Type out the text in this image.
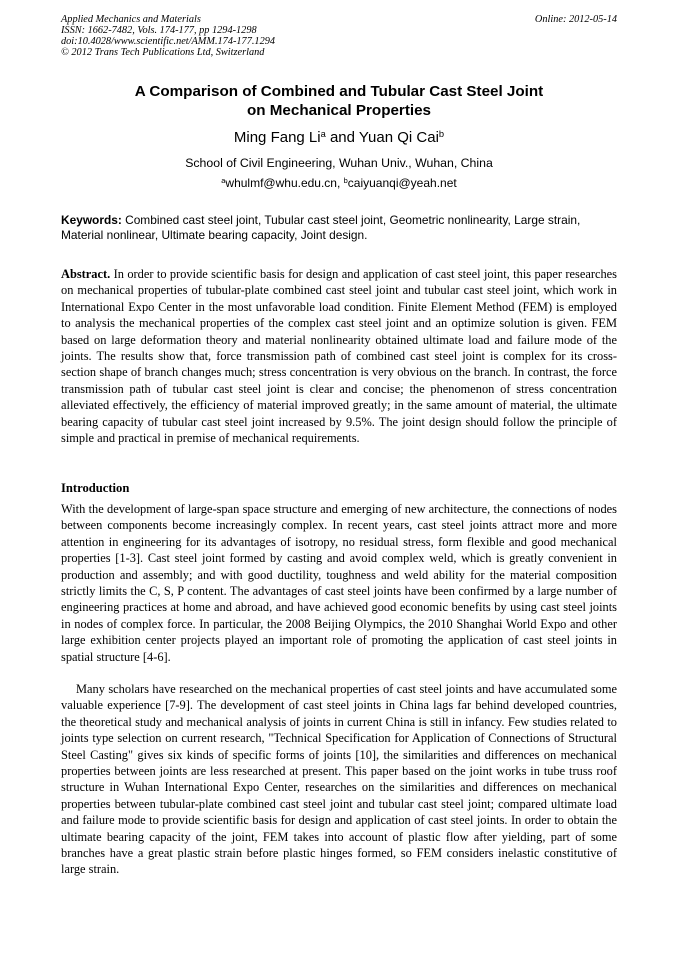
Applied Mechanics and Materials	Online: 2012-05-14
ISSN: 1662-7482, Vols. 174-177, pp 1294-1298
doi:10.4028/www.scientific.net/AMM.174-177.1294
© 2012 Trans Tech Publications Ltd, Switzerland
A Comparison of Combined and Tubular Cast Steel Joint
on Mechanical Properties
Ming Fang Li$^a$ and Yuan Qi Cai$^b$
School of Civil Engineering, Wuhan Univ., Wuhan, China
$^a$whulmf@whu.edu.cn, $^b$caiyuanqi@yeah.net
Keywords: Combined cast steel joint, Tubular cast steel joint, Geometric nonlinearity, Large strain, Material nonlinear, Ultimate bearing capacity, Joint design.
Abstract. In order to provide scientific basis for design and application of cast steel joint, this paper researches on mechanical properties of tubular-plate combined cast steel joint and tubular cast steel joint, which work in International Expo Center in the most unfavorable load condition. Finite Element Method (FEM) is employed to analysis the mechanical properties of the complex cast steel joint and an optimize solution is given. FEM based on large deformation theory and material nonlinearity obtained ultimate load and failure mode of the joints. The results show that, force transmission path of combined cast steel joint is complex for its cross-section shape of branch changes much; stress concentration is very obvious on the branch. In contrast, the force transmission path of tubular cast steel joint is clear and concise; the phenomenon of stress concentration alleviated effectively, the efficiency of material improved greatly; in the same amount of material, the ultimate bearing capacity of tubular cast steel joint increased by 9.5%. The joint design should follow the principle of simple and practical in premise of mechanical requirements.
Introduction
With the development of large-span space structure and emerging of new architecture, the connections of nodes between components become increasingly complex. In recent years, cast steel joints attract more and more attention in engineering for its advantages of isotropy, no residual stress, form flexible and good mechanical properties [1-3]. Cast steel joint formed by casting and avoid complex weld, which is greatly convenient in production and assembly; and with good ductility, toughness and weld ability for the material composition strictly limits the C, S, P content. The advantages of cast steel joints have been confirmed by a large number of engineering practices at home and abroad, and have achieved good economic benefits by using cast steel joints in nodes of complex force. In particular, the 2008 Beijing Olympics, the 2010 Shanghai World Expo and other large exhibition center projects played an important role of promoting the application of cast steel joints in spatial structure [4-6].
Many scholars have researched on the mechanical properties of cast steel joints and have accumulated some valuable experience [7-9]. The development of cast steel joints in China lags far behind developed countries, the theoretical study and mechanical analysis of joints in current China is still in infancy. Few studies related to joints type selection on current research, "Technical Specification for Application of Connections of Structural Steel Casting" gives six kinds of specific forms of joints [10], the similarities and differences on mechanical properties between joints are less researched at present. This paper based on the joint works in tube truss roof structure in Wuhan International Expo Center, researches on the similarities and differences on mechanical properties between tubular-plate combined cast steel joint and tubular cast steel joint; compared ultimate load and failure mode to provide scientific basis for design and application of cast steel joints. In order to obtain the ultimate bearing capacity of the joint, FEM takes into account of plastic flow after yielding, part of some branches have a great plastic strain before plastic hinges formed, so FEM considers inelastic constitutive of large strain.
